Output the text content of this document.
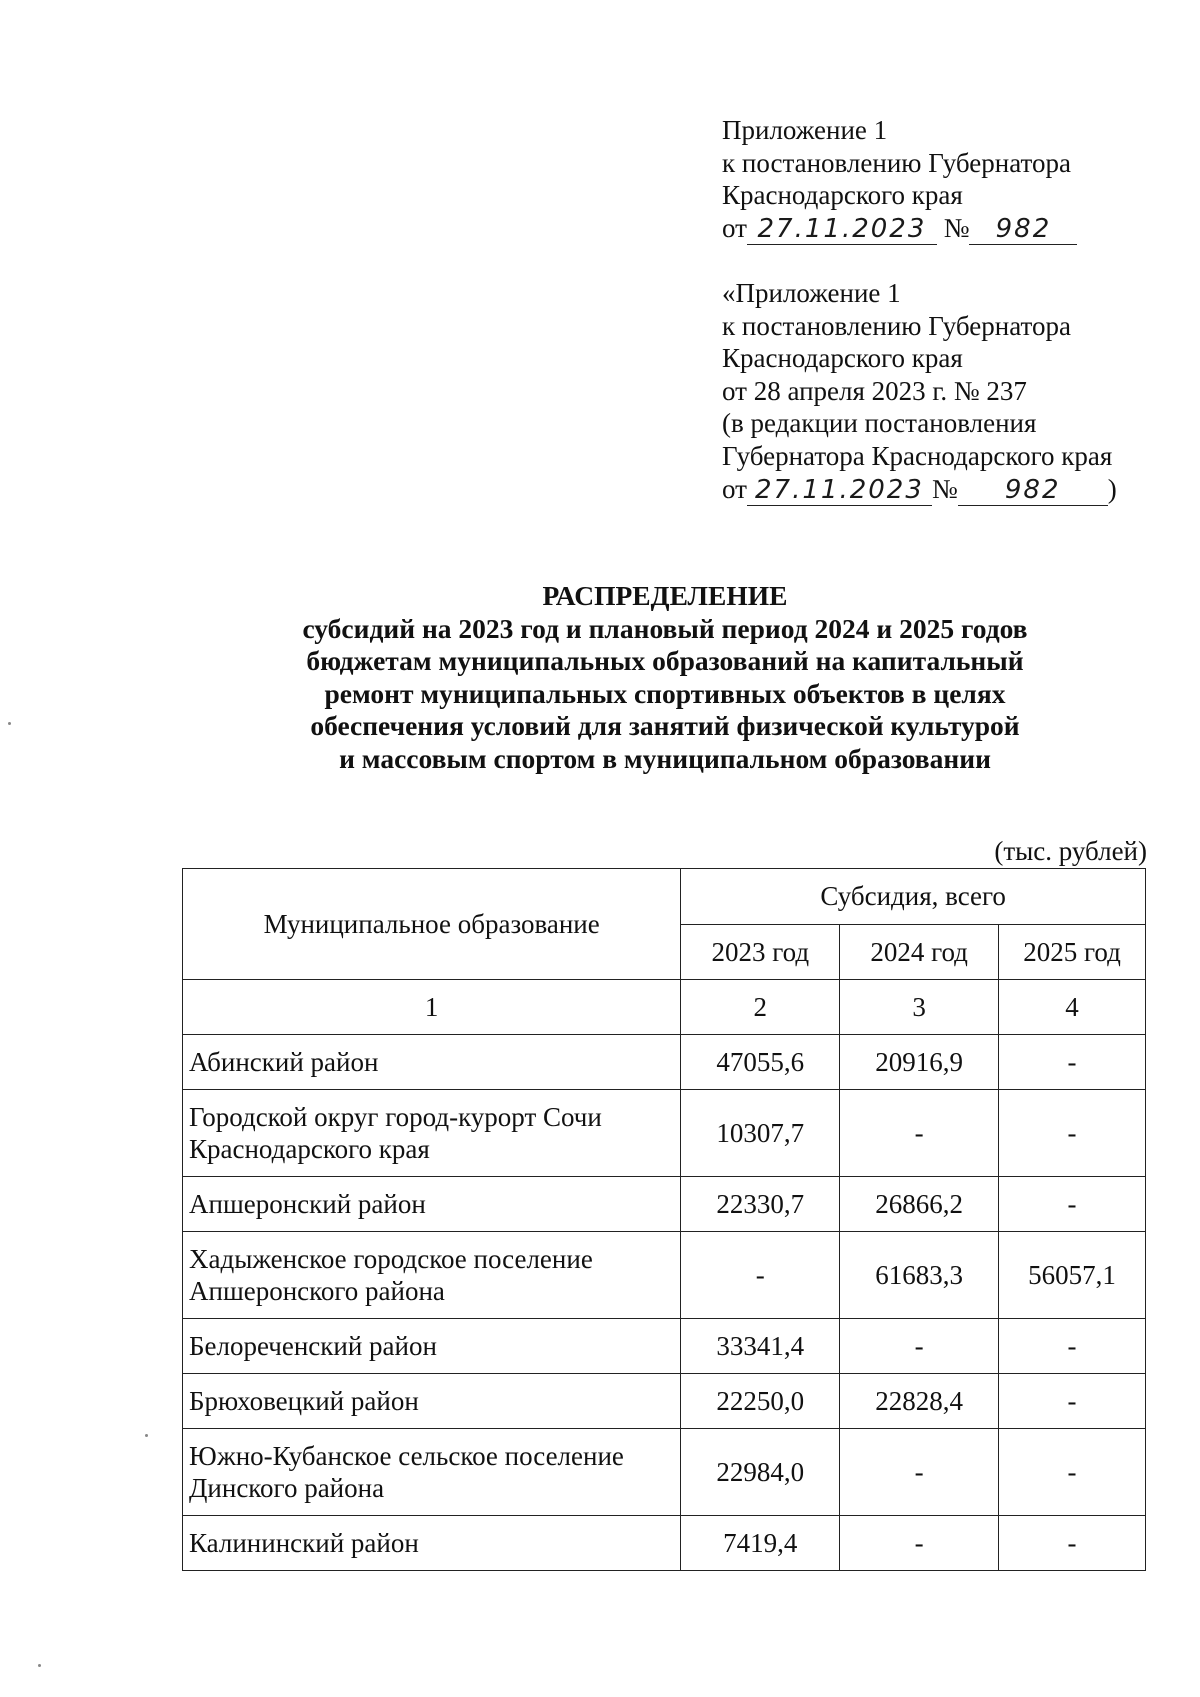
Приложение 1
к постановлению Губернатора
Краснодарского края
от 27.11.2023 № 982
«Приложение 1
к постановлению Губернатора
Краснодарского края
от 28 апреля 2023 г. № 237
(в редакции постановления
Губернатора Краснодарского края
от 27.11.2023 № 982 )
РАСПРЕДЕЛЕНИЕ
субсидий на 2023 год и плановый период 2024 и 2025 годов
бюджетам муниципальных образований на капитальный
ремонт муниципальных спортивных объектов в целях
обеспечения условий для занятий физической культурой
и массовым спортом в муниципальном образовании
(тыс. рублей)
Муниципальное образование	Субсидия, всего		
	2023 год	2024 год	2025 год
1	2	3	4
Абинский район	47055,6	20916,9	-
Городской округ город-курорт Сочи Краснодарского края	10307,7	-	-
Апшеронский район	22330,7	26866,2	-
Хадыженское городское поселение Апшеронского района	-	61683,3	56057,1
Белореченский район	33341,4	-	-
Брюховецкий район	22250,0	22828,4	-
Южно-Кубанское сельское поселение Динского района	22984,0	-	-
Калининский район	7419,4	-	-
